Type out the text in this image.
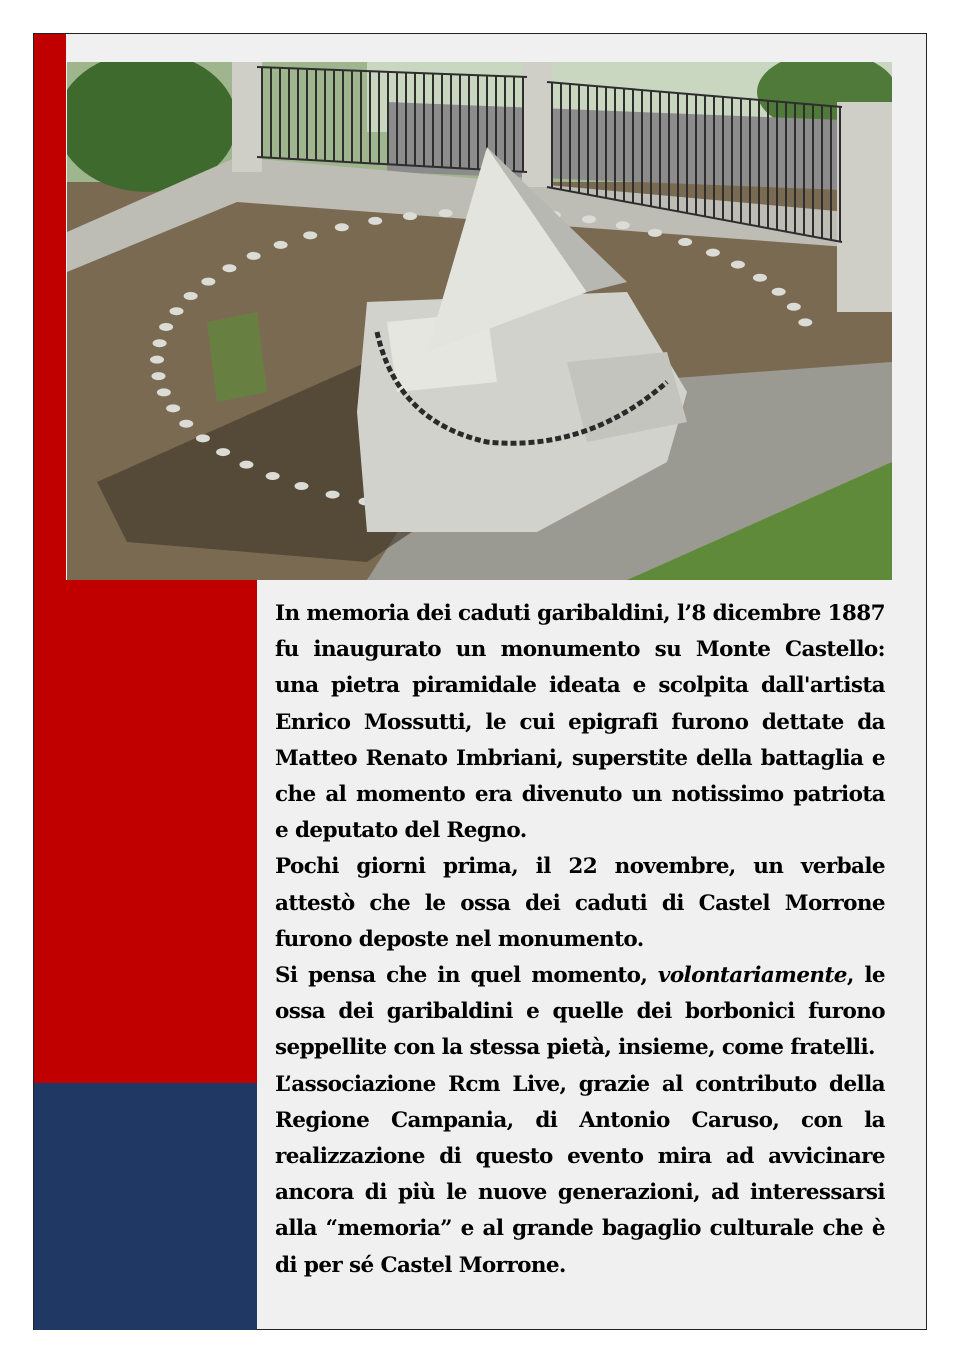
In memoria dei caduti garibaldini, l’8 dicembre 1887 fu inaugurato un monumento su Monte Castello: una pietra piramidale ideata e scolpita dall'artista Enrico Mossutti, le cui epigrafi furono dettate da Matteo Renato Imbriani, superstite della battaglia e che al momento era divenuto un notissimo patriota e deputato del Regno.

Pochi giorni prima, il 22 novembre, un verbale attestò che le ossa dei caduti di Castel Morrone furono deposte nel monumento.

Si pensa che in quel momento, volontariamente, le ossa dei garibaldini e quelle dei borbonici furono seppellite con la stessa pietà, insieme, come fratelli.

L’associazione Rcm Live, grazie al contributo della Regione Campania, di Antonio Caruso, con la realizzazione di questo evento mira ad avvicinare ancora di più le nuove generazioni, ad interessarsi alla “memoria” e al grande bagaglio culturale che è di per sé Castel Morrone.
